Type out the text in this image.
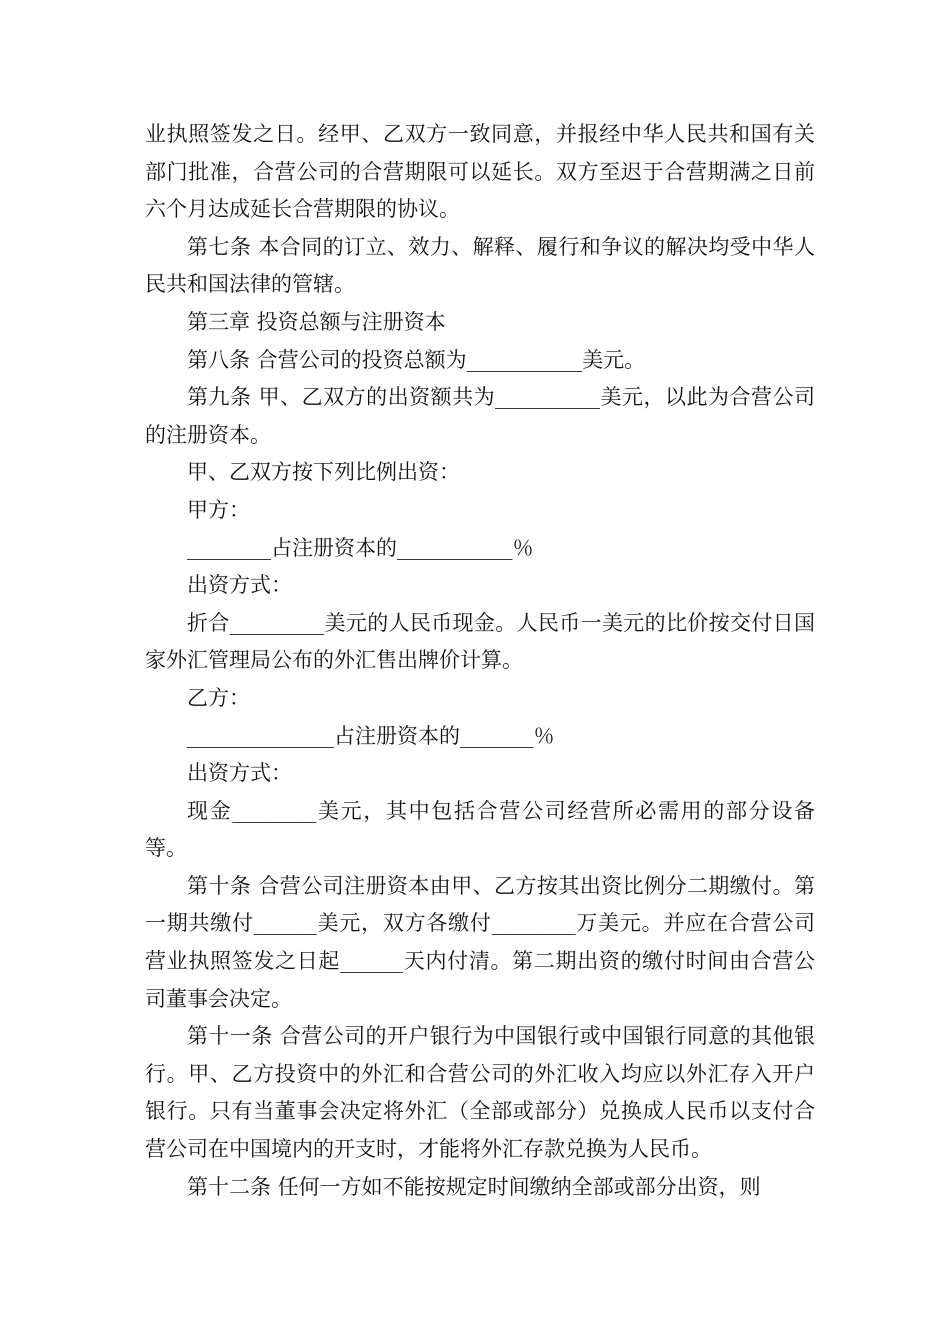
业执照签发之日。经甲、乙双方一致同意，并报经中华人民共和国有关部门批准，合营公司的合营期限可以延长。双方至迟于合营期满之日前六个月达成延长合营期限的协议。

第七条 本合同的订立、效力、解释、履行和争议的解决均受中华人民共和国法律的管辖。

第三章 投资总额与注册资本

第八条 合营公司的投资总额为___________美元。

第九条 甲、乙双方的出资额共为__________美元，以此为合营公司的注册资本。

甲、乙双方按下列比例出资：

甲方：

________占注册资本的___________％

出资方式：

折合_________美元的人民币现金。人民币一美元的比价按交付日国家外汇管理局公布的外汇售出牌价计算。

乙方：

______________占注册资本的_______％

出资方式：

现金________美元，其中包括合营公司经营所必需用的部分设备等。

第十条 合营公司注册资本由甲、乙方按其出资比例分二期缴付。第一期共缴付______美元，双方各缴付________万美元。并应在合营公司营业执照签发之日起______天内付清。第二期出资的缴付时间由合营公司董事会决定。

第十一条 合营公司的开户银行为中国银行或中国银行同意的其他银行。甲、乙方投资中的外汇和合营公司的外汇收入均应以外汇存入开户银行。只有当董事会决定将外汇（全部或部分）兑换成人民币以支付合营公司在中国境内的开支时，才能将外汇存款兑换为人民币。

第十二条 任何一方如不能按规定时间缴纳全部或部分出资，则
